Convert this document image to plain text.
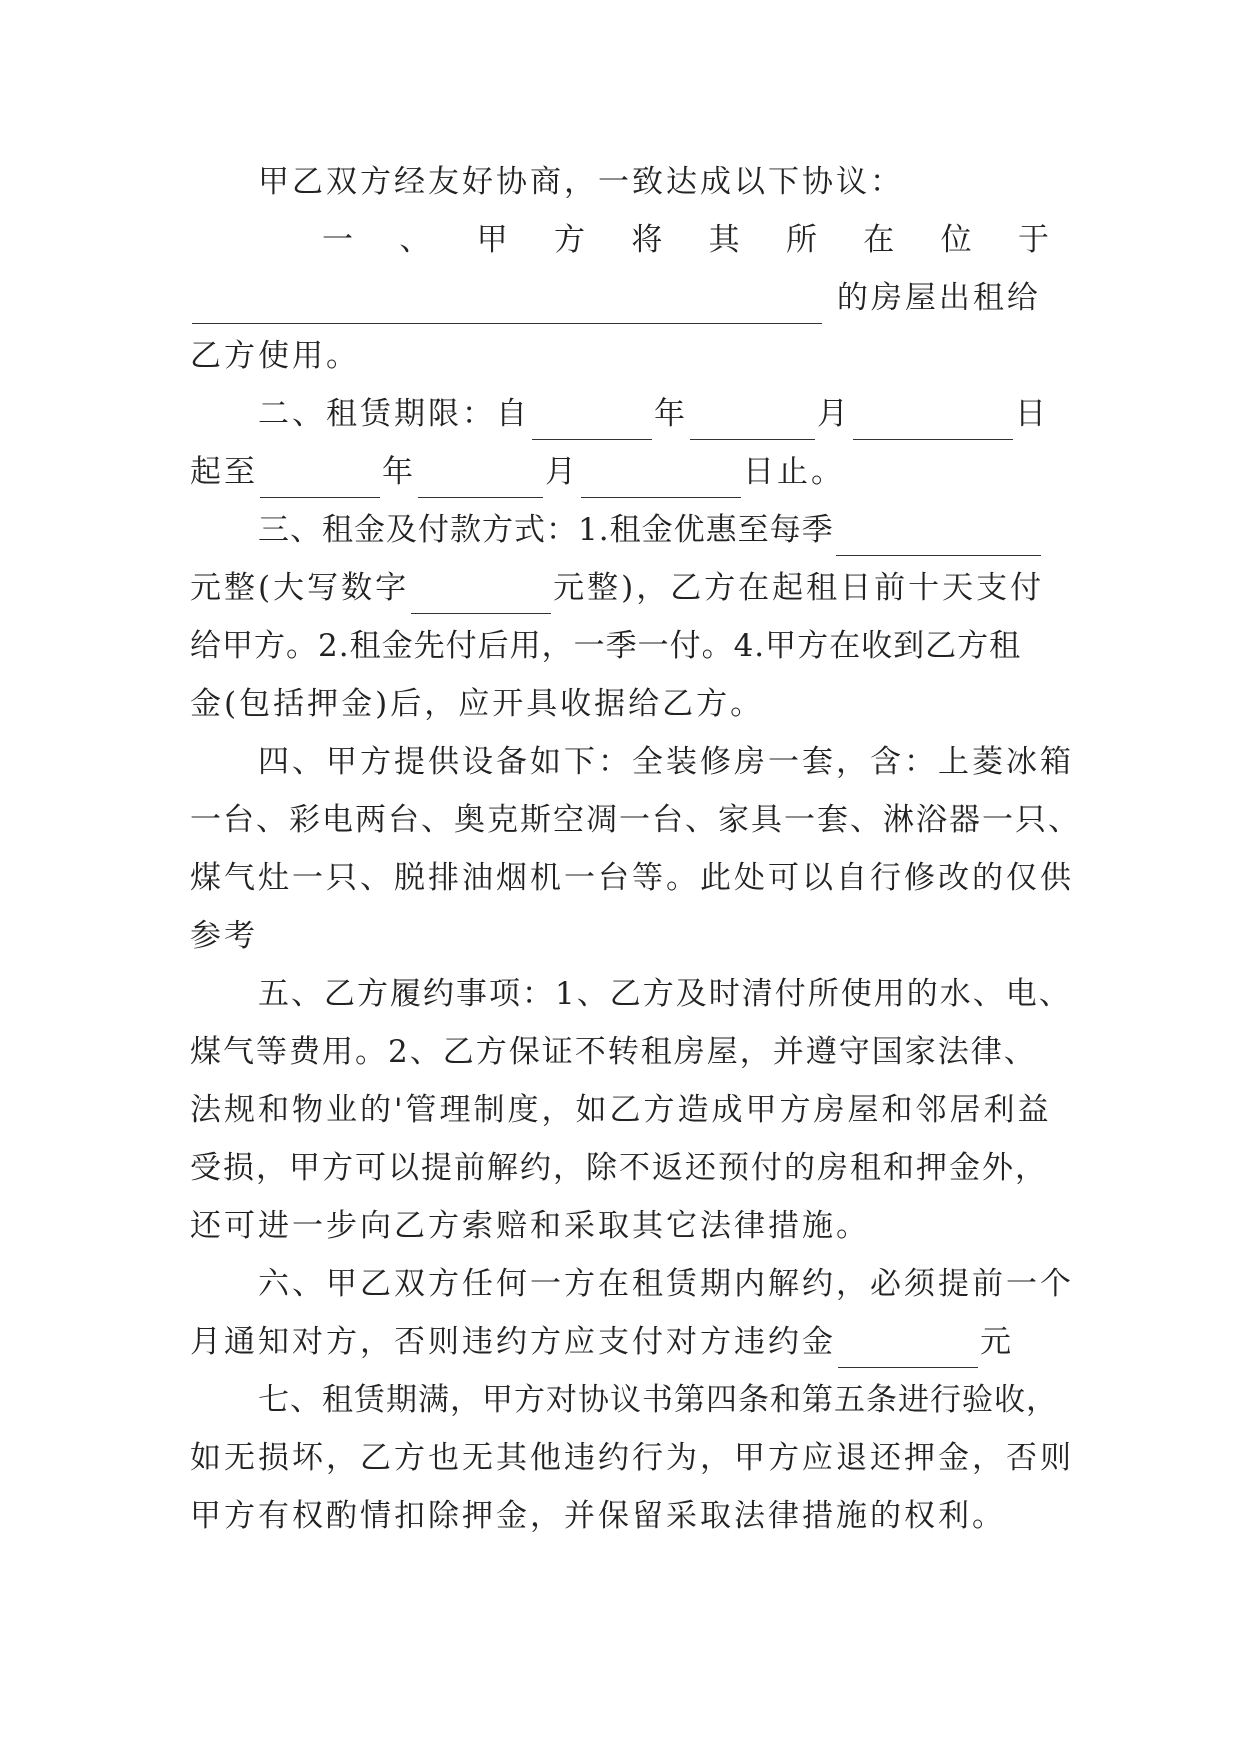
甲乙双方经友好协商，一致达成以下协议：
一 、 甲 方 将 其 所 在 位 于
的房屋出租给
乙方使用。
二、租赁期限：自	年	月	日
起至	年	月	日止。
三、租金及付款方式：1.租金优惠至每季
元整(大写数字	元整)，乙方在起租日前十天支付
给甲方。2.租金先付后用，一季一付。4.甲方在收到乙方租
金(包括押金)后，应开具收据给乙方。
四、甲方提供设备如下：全装修房一套，含：上菱冰箱
一台、彩电两台、奥克斯空凋一台、家具一套、淋浴器一只、
煤气灶一只、脱排油烟机一台等。此处可以自行修改的仅供
参考
五、乙方履约事项：1、乙方及时清付所使用的水、电、
煤气等费用。2、乙方保证不转租房屋，并遵守国家法律、
法规和物业的'管理制度，如乙方造成甲方房屋和邻居利益
受损，甲方可以提前解约，除不返还预付的房租和押金外，
还可进一步向乙方索赔和采取其它法律措施。
六、甲乙双方任何一方在租赁期内解约，必须提前一个
月通知对方，否则违约方应支付对方违约金	元
七、租赁期满，甲方对协议书第四条和第五条进行验收，
如无损坏，乙方也无其他违约行为，甲方应退还押金，否则
甲方有权酌情扣除押金，并保留采取法律措施的权利。
